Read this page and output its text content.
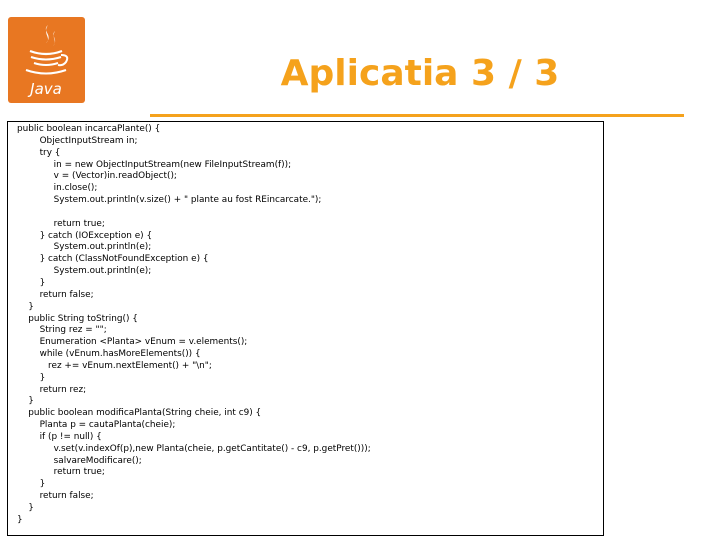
Java	Aplicatia 3 / 3
public boolean incarcaPlante() {
ObjectInputStream in;
try {
in = new ObjectInputStream(new FileInputStream(f));
v = (Vector)in.readObject();
in.close();
System.out.println(v.size() + " plante au fost REincarcate.");
return true;
} catch (IOException e) {
System.out.println(e);
} catch (ClassNotFoundException e) {
System.out.println(e);
}
return false;
}
public String toString() {
String rez = "";
Enumeration <Planta> vEnum = v.elements();
while (vEnum.hasMoreElements()) {
rez += vEnum.nextElement() + "\n";
}
return rez;
}
public boolean modificaPlanta(String cheie, int c9) {
Planta p = cautaPlanta(cheie);
if (p != null) {
v.set(v.indexOf(p),new Planta(cheie, p.getCantitate() - c9, p.getPret()));
salvareModificare();
return true;
}
return false;
}
}
